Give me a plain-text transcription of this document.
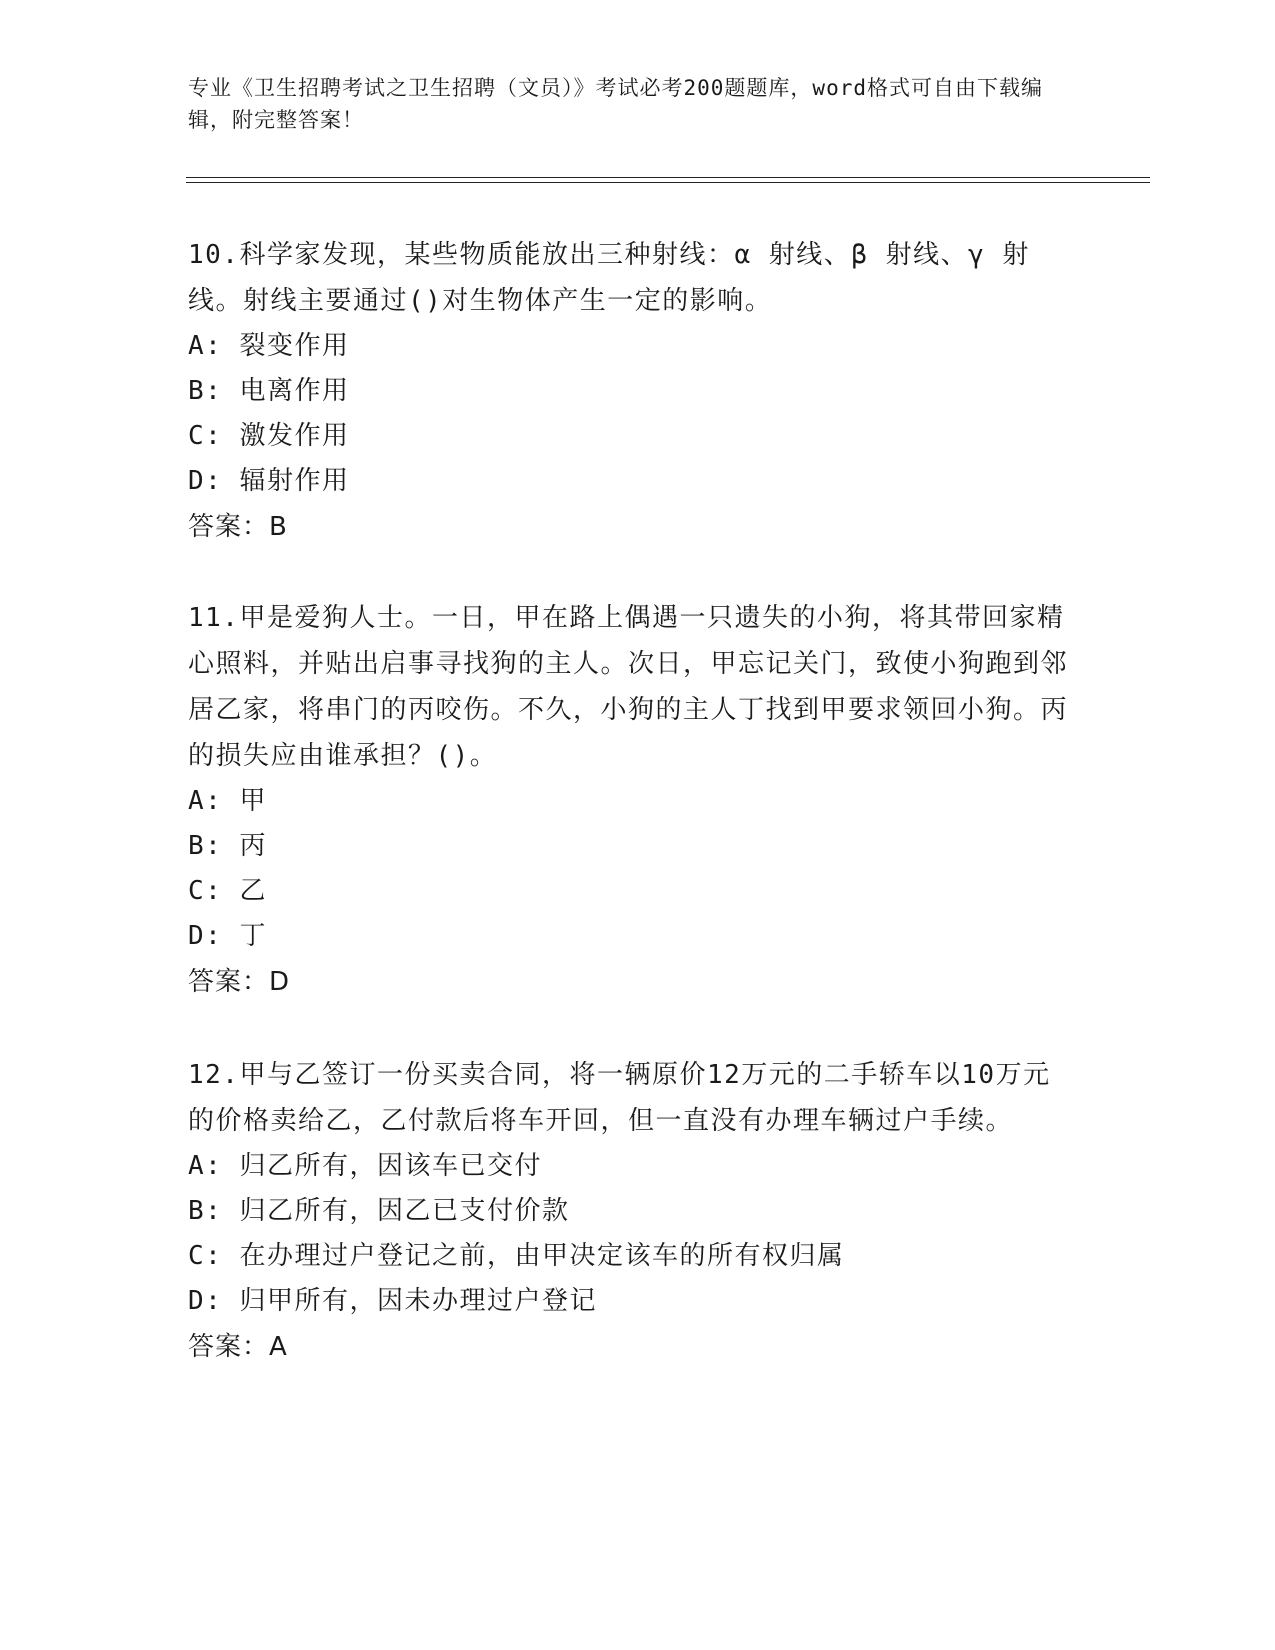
专业《卫生招聘考试之卫生招聘（文员）》考试必考200题题库，word格式可自由下载编辑，附完整答案！

10.科学家发现，某些物质能放出三种射线：α 射线、β 射线、γ 射线。射线主要通过()对生物体产生一定的影响。

A: 裂变作用

B: 电离作用

C: 激发作用

D: 辐射作用

答案：B

11.甲是爱狗人士。一日，甲在路上偶遇一只遗失的小狗，将其带回家精心照料，并贴出启事寻找狗的主人。次日，甲忘记关门，致使小狗跑到邻居乙家，将串门的丙咬伤。不久，小狗的主人丁找到甲要求领回小狗。丙的损失应由谁承担？()。

A: 甲

B: 丙

C: 乙

D: 丁

答案：D

12.甲与乙签订一份买卖合同，将一辆原价12万元的二手轿车以10万元的价格卖给乙，乙付款后将车开回，但一直没有办理车辆过户手续。

A: 归乙所有，因该车已交付

B: 归乙所有，因乙已支付价款

C: 在办理过户登记之前，由甲决定该车的所有权归属

D: 归甲所有，因未办理过户登记

答案：A
